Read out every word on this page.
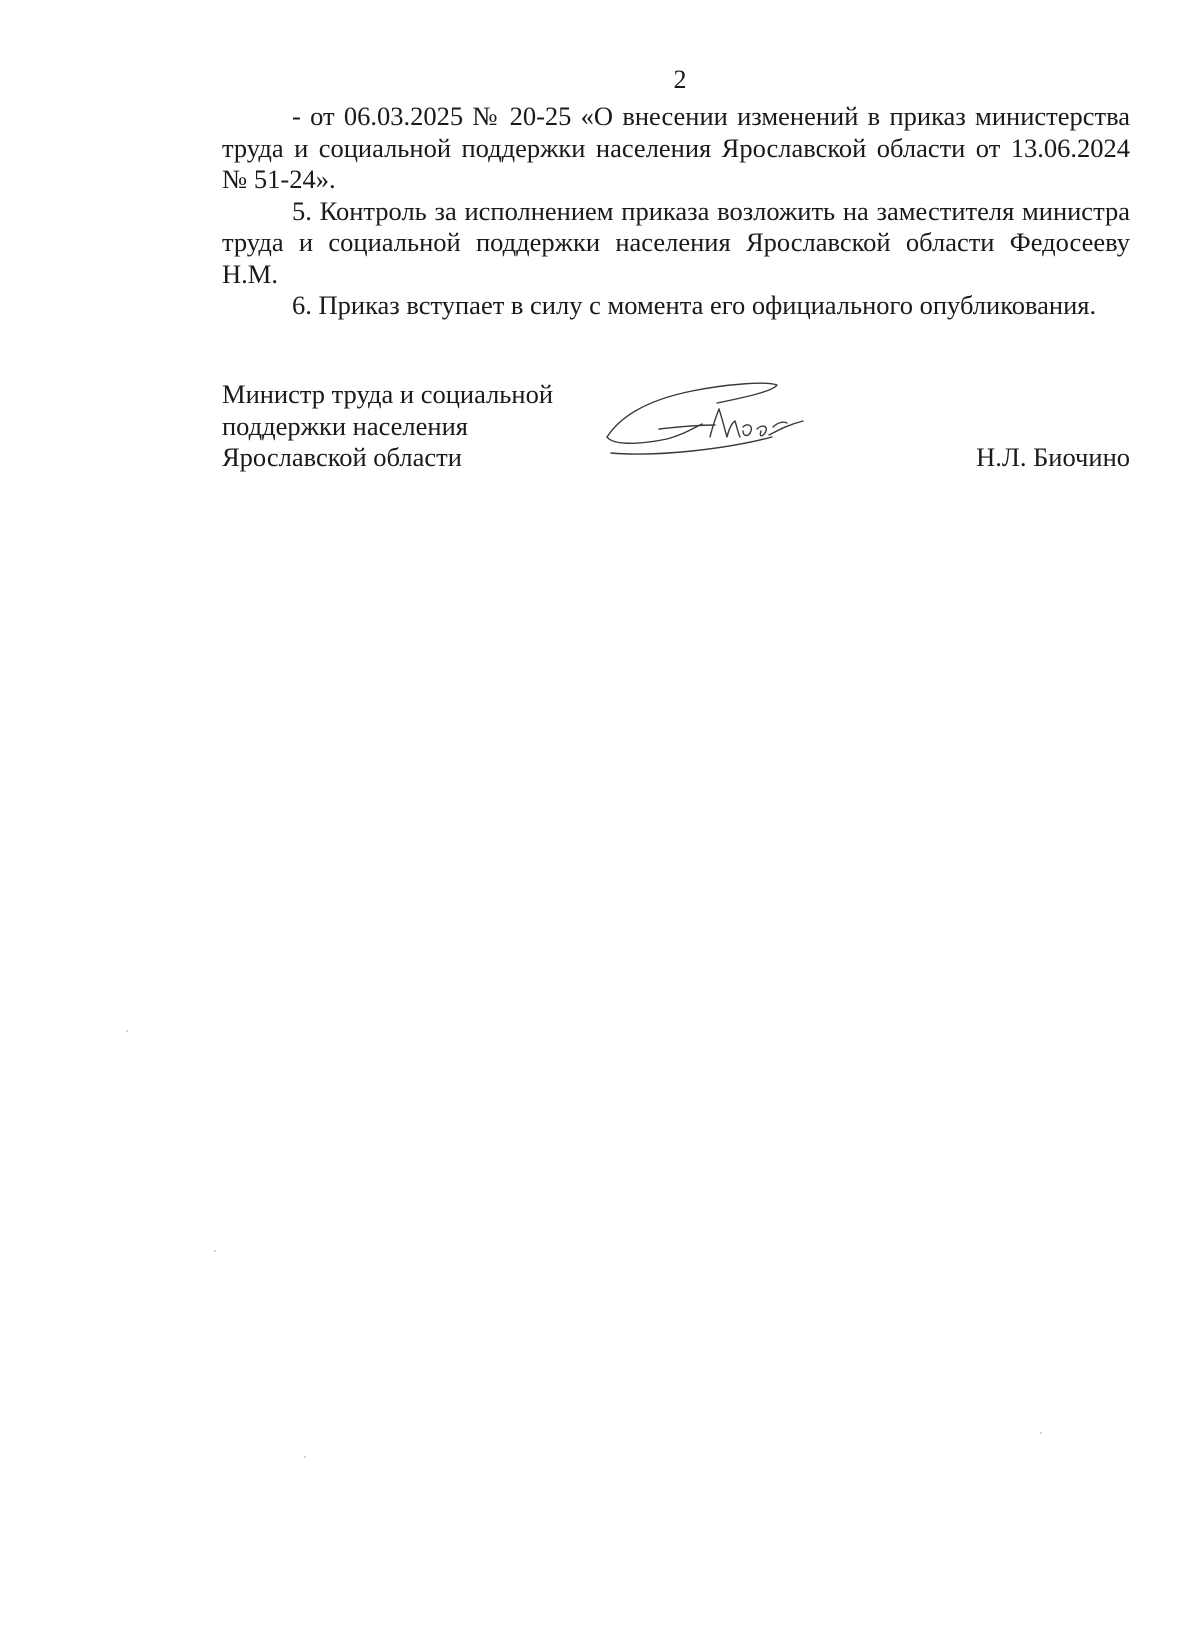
2

- от 06.03.2025 № 20-25 «О внесении изменений в приказ министерства труда и социальной поддержки населения Ярославской области от 13.06.2024 № 51-24».

5. Контроль за исполнением приказа возложить на заместителя министра труда и социальной поддержки населения Ярославской области Федосееву Н.М.

6. Приказ вступает в силу с момента его официального опубликования.

Министр труда и социальной
поддержки населения
Ярославской области	Н.Л. Биочино
